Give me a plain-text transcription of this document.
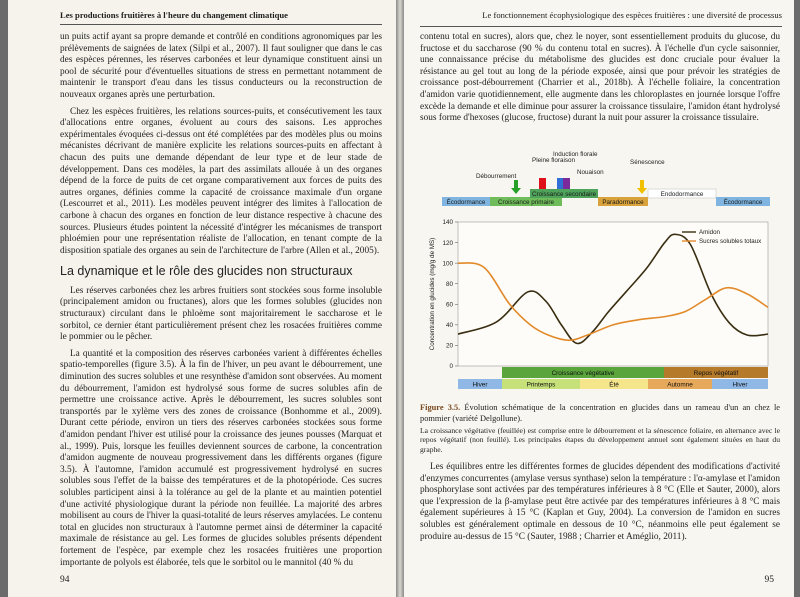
Les productions fruitières à l'heure du changement climatique

un puits actif ayant sa propre demande et contrôlé en conditions agronomiques par les prélèvements de saignées de latex (Silpi et al., 2007). Il faut souligner que dans le cas des espèces pérennes, les réserves carbonées et leur dynamique constituent ainsi un pool de sécurité pour d'éventuelles situations de stress en permettant notamment de maintenir le transport d'eau dans les tissus conducteurs ou la reconstruction de nouveaux organes après une perturbation.

Chez les espèces fruitières, les relations sources-puits, et consécutivement les taux d'allocations entre organes, évoluent au cours des saisons. Les approches expérimentales évoquées ci-dessus ont été complétées par des modèles plus ou moins mécanistes décrivant de manière explicite les relations sources-puits en affectant à chacun des puits une demande dépendant de leur type et de leur stade de développement. Dans ces modèles, la part des assimilats allouée à un des organes dépend de la force de puits de cet organe comparativement aux forces de puits des autres organes, définies comme la capacité de croissance maximale d'un organe (Lescourret et al., 2011). Les modèles peuvent intégrer des limites à l'allocation de carbone à chacun des organes en fonction de leur distance respective à chacune des sources. Plusieurs études pointent la nécessité d'intégrer les mécanismes de transport phloémien pour une représentation réaliste de l'allocation, en tenant compte de la disposition spatiale des organes au sein de l'architecture de l'arbre (Allen et al., 2005).

La dynamique et le rôle des glucides non structuraux

Les réserves carbonées chez les arbres fruitiers sont stockées sous forme insoluble (principalement amidon ou fructanes), alors que les formes solubles (glucides non structuraux) circulant dans le phloème sont majoritairement le saccharose et le sorbitol, ce dernier étant particulièrement présent chez les rosacées fruitières comme le pommier ou le pêcher.

La quantité et la composition des réserves carbonées varient à différentes échelles spatio-temporelles (figure 3.5). À la fin de l'hiver, un peu avant le débourrement, une diminution des sucres solubles et une resynthèse d'amidon sont observées. Au moment du débourrement, l'amidon est hydrolysé sous forme de sucres solubles afin de permettre une croissance active. Après le débourrement, les sucres solubles sont transportés par le xylème vers des zones de croissance (Bonhomme et al., 2009). Durant cette période, environ un tiers des réserves carbonées stockées sous forme d'amidon pendant l'hiver est utilisé pour la croissance des jeunes pousses (Marquat et al., 1999). Puis, lorsque les feuilles deviennent sources de carbone, la concentration d'amidon augmente de nouveau progressivement dans les différents organes (figure 3.5). À l'automne, l'amidon accumulé est progressivement hydrolysé en sucres solubles sous l'effet de la baisse des températures et de la photopériode. Ces sucres solubles participent ainsi à la tolérance au gel de la plante et au maintien potentiel d'une activité physiologique durant la période non feuillée. La majorité des arbres mobilisent au cours de l'hiver la quasi-totalité de leurs réserves amylacées. Le contenu total en glucides non structuraux à l'automne permet ainsi de déterminer la capacité maximale de résistance au gel. Les formes de glucides solubles présents dépendent fortement de l'espèce, par exemple chez les rosacées fruitières une proportion importante de polyols est élaborée, tels que le sorbitol ou le mannitol (40 % du

94
Le fonctionnement écophysiologique des espèces fruitières : une diversité de processus

contenu total en sucres), alors que, chez le noyer, sont essentiellement produits du glucose, du fructose et du saccharose (90 % du contenu total en sucres). À l'échelle d'un cycle saisonnier, une connaissance précise du métabolisme des glucides est donc cruciale pour évaluer la résistance au gel tout au long de la période exposée, ainsi que pour prévoir les stratégies de croissance post-débourrement (Charrier et al., 2018b). À l'échelle foliaire, la concentration d'amidon varie quotidiennement, elle augmente dans les chloroplastes en journée lorsque l'offre excède la demande et elle diminue pour assurer la croissance tissulaire, l'amidon étant hydrolysé sous forme d'hexoses (glucose, fructose) durant la nuit pour assurer la croissance tissulaire.

Débourrement
Pleine floraison
Induction florale
Nouaison
Sénescence
Écodormance Croissance primaire
Croissance secondaire
Paradormance
Endodormance
Écodormance
0
20
40
60
80
100
120
140
Concentration en glucides (mg/g de MS)
Amidon
Sucres solubles totaux
Croissance végétative	Repos végétatif
Hiver	Printemps	Été	Automne	Hiver
Figure 3.5. Évolution schématique de la concentration en glucides dans un rameau d'un an chez le pommier (variété Delgollune).
La croissance végétative (feuillée) est comprise entre le débourrement et la sénescence foliaire, en alternance avec le repos végétatif (non feuillé). Les principales étapes du développement annuel sont également situées en haut du graphe.

Les équilibres entre les différentes formes de glucides dépendent des modifications d'activité d'enzymes concurrentes (amylase versus synthase) selon la température : l'α-amylase et l'amidon phosphorylase sont activées par des températures inférieures à 8 °C (Elle et Sauter, 2000), alors que l'expression de la β-amylase peut être activée par des températures inférieures à 8 °C mais également supérieures à 15 °C (Kaplan et Guy, 2004). La conversion de l'amidon en sucres solubles est généralement optimale en dessous de 10 °C, néanmoins elle peut également se produire au-dessus de 15 °C (Sauter, 1988 ; Charrier et Améglio, 2011).

95
